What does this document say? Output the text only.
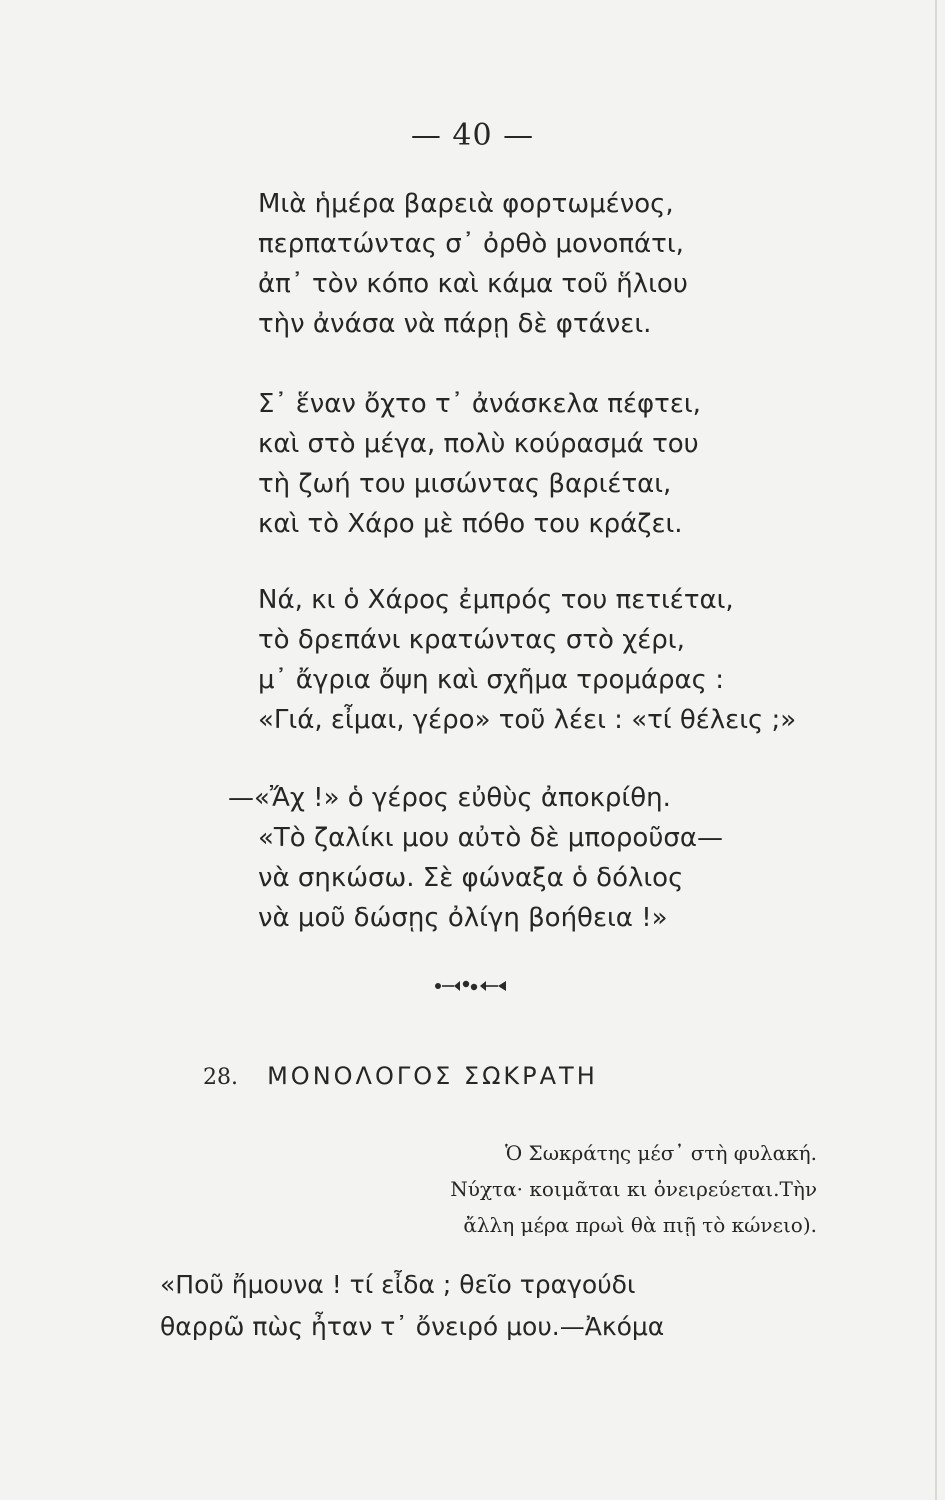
— 40 —
Μιὰ ἡμέρα βαρειὰ φορτωμένος,
περπατώντας σ᾽ ὀρθὸ μονοπάτι,
ἀπ᾽ τὸν κόπο καὶ κάμα τοῦ ἥλιου
τὴν ἀνάσα νὰ πάρῃ δὲ φτάνει.
Σ᾽ ἕναν ὄχτο τ᾽ ἀνάσκελα πέφτει,
καὶ στὸ μέγα, πολὺ κούρασμά του
τὴ ζωή του μισώντας βαριέται,
καὶ τὸ Χάρο μὲ πόθο του κράζει.
Νά, κι ὁ Χάρος ἐμπρός του πετιέται,
τὸ δρεπάνι κρατώντας στὸ χέρι,
μ᾽ ἄγρια ὄψη καὶ σχῆμα τρομάρας :
«Γιά, εἶμαι, γέρο» τοῦ λέει : «τί θέλεις ;»
—«Ἄχ !» ὁ γέρος εὐθὺς ἀποκρίθη.
«Τὸ ζαλίκι μου αὐτὸ δὲ μποροῦσα—
νὰ σηκώσω. Σὲ φώναξα ὁ δόλιος
νὰ μοῦ δώσῃς ὀλίγη βοήθεια !»
28. ΜΟΝΟΛΟΓΟΣ ΣΩΚΡΑΤΗ
Ὁ Σωκράτης μέσ᾽ στὴ φυλακή.
Νύχτα· κοιμᾶται κι ὀνειρεύεται.Τὴν
ἄλλη μέρα πρωὶ θὰ πιῇ τὸ κώνειο).
«Ποῦ ἤμουνα ! τί εἶδα ; θεῖο τραγούδι
θαρρῶ πὼς ἦταν τ᾽ ὄνειρό μου.—Ἀκόμα
